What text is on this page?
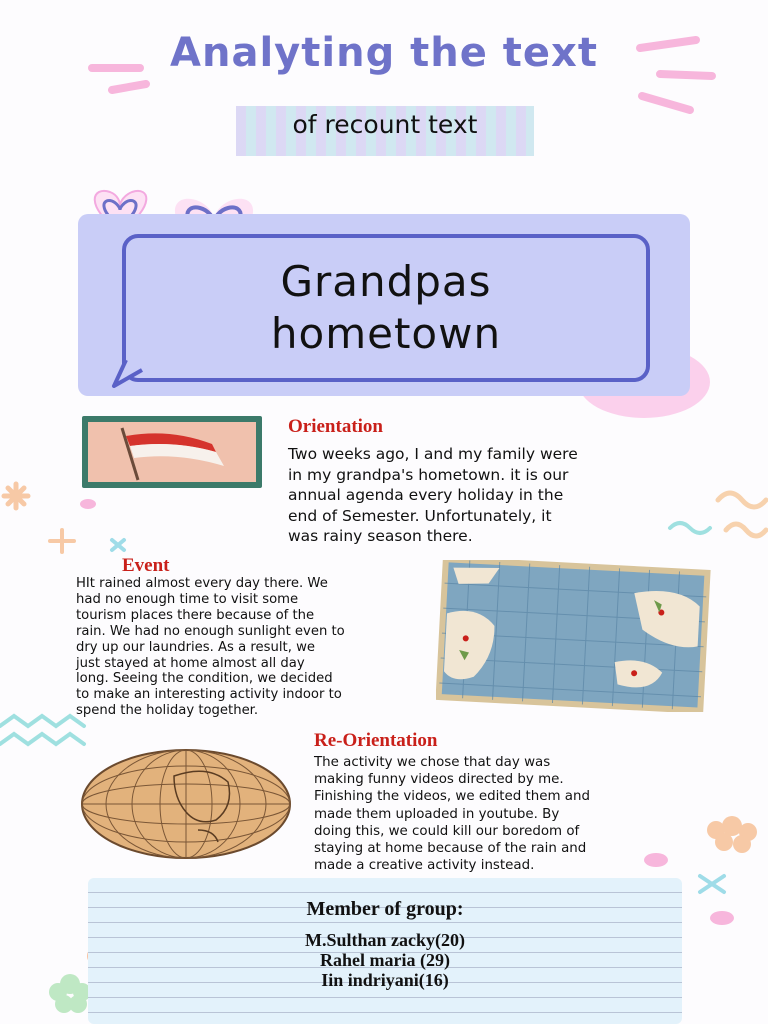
Analyting the text
of recount text
Grandpas
hometown
Orientation
Two weeks ago, I and my family were
in my grandpa's hometown. it is our
annual agenda every holiday in the
end of Semester. Unfortunately, it
was rainy season there.
Event
HIt rained almost every day there. We
had no enough time to visit some
tourism places there because of the
rain. We had no enough sunlight even to
dry up our laundries. As a result, we
just stayed at home almost all day
long. Seeing the condition, we decided
to make an interesting activity indoor to
spend the holiday together.
Re-Orientation
The activity we chose that day was
making funny videos directed by me.
Finishing the videos, we edited them and
made them uploaded in youtube. By
doing this, we could kill our boredom of
staying at home because of the rain and
made a creative activity instead.
Member of group:
M.Sulthan zacky(20)
Rahel maria (29)
Iin indriyani(16)
